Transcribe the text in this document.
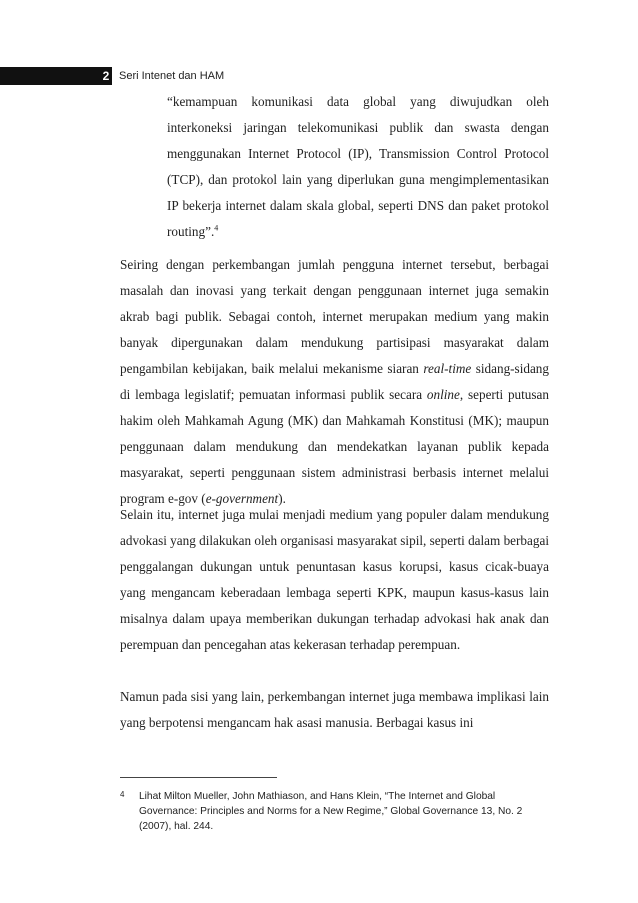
2 Seri Intenet dan HAM

“kemampuan komunikasi data global yang diwujudkan oleh interkoneksi jaringan telekomunikasi publik dan swasta dengan menggunakan Internet Protocol (IP), Transmission Control Protocol (TCP), dan protokol lain yang diperlukan guna mengimplementasikan IP bekerja internet dalam skala global, seperti DNS dan paket protokol routing”.$^4$

Seiring dengan perkembangan jumlah pengguna internet tersebut, berbagai masalah dan inovasi yang terkait dengan penggunaan internet juga semakin akrab bagi publik. Sebagai contoh, internet merupakan medium yang makin banyak dipergunakan dalam mendukung partisipasi masyarakat dalam pengambilan kebijakan, baik melalui mekanisme siaran real-time sidang-sidang di lembaga legislatif; pemuatan informasi publik secara online, seperti putusan hakim oleh Mahkamah Agung (MK) dan Mahkamah Konstitusi (MK); maupun penggunaan dalam mendukung dan mendekatkan layanan publik kepada masyarakat, seperti penggunaan sistem administrasi berbasis internet melalui program e-gov (e-government).

Selain itu, internet juga mulai menjadi medium yang populer dalam mendukung advokasi yang dilakukan oleh organisasi masyarakat sipil, seperti dalam berbagai penggalangan dukungan untuk penuntasan kasus korupsi, kasus cicak-buaya yang mengancam keberadaan lembaga seperti KPK, maupun kasus-kasus lain misalnya dalam upaya memberikan dukungan terhadap advokasi hak anak dan perempuan dan pencegahan atas kekerasan terhadap perempuan.

Namun pada sisi yang lain, perkembangan internet juga membawa implikasi lain yang berpotensi mengancam hak asasi manusia. Berbagai kasus ini

4 Lihat Milton Mueller, John Mathiason, and Hans Klein, “The Internet and Global Governance: Principles and Norms for a New Regime,” Global Governance 13, No. 2 (2007), hal. 244.
